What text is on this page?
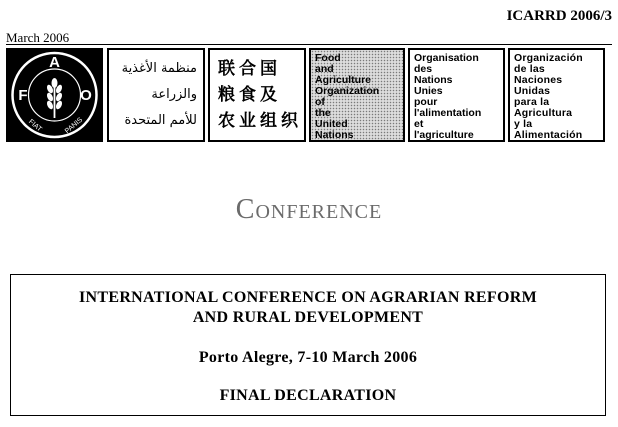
ICARRD 2006/3
March 2006
A
F	O
FIAT	PANIS
منظمة الأغذية
والزراعة
للأمم المتحدة
联合国
粮食及
农业组织
Food
and
Agriculture
Organization
of
the
United
Nations
Organisation
des
Nations
Unies
pour
l'alimentation
et
l'agriculture
Organización
de las
Naciones
Unidas
para la
Agricultura
y la
Alimentación
Conference
INTERNATIONAL CONFERENCE ON AGRARIAN REFORM
AND RURAL DEVELOPMENT
Porto Alegre, 7-10 March 2006
FINAL DECLARATION
